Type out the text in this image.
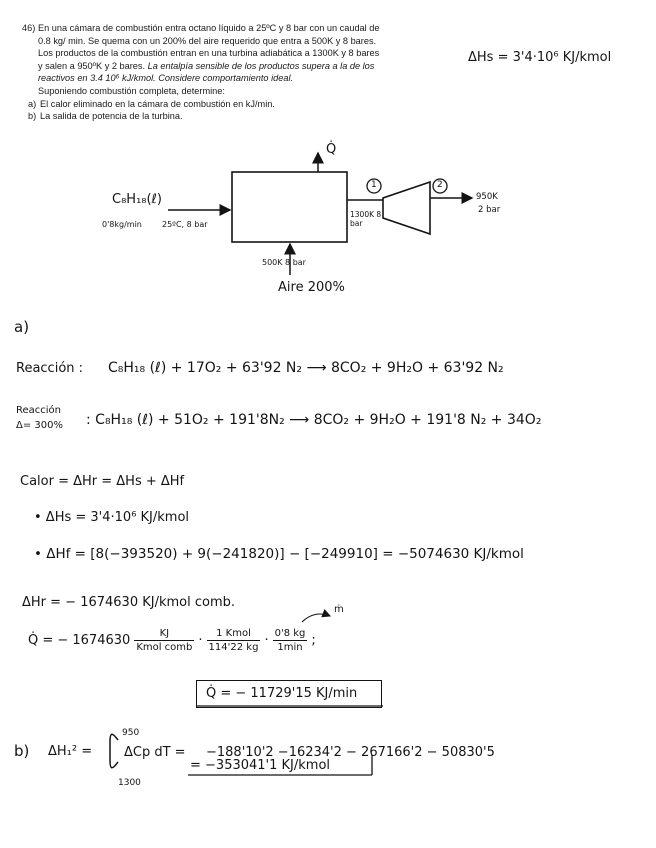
46) En una cámara de combustión entra octano líquido a 25ºC y 8 bar con un caudal de
0.8 kg/ min. Se quema con un 200% del aire requerido que entra a 500K y 8 bares.
Los productos de la combustión entran en una turbina adiabática a 1300K y 8 bares
y salen a 950ºK y 2 bares. La entalpía sensible de los productos supera a la de los
reactivos en 3.4 10⁶ kJ/kmol. Considere comportamiento ideal.
Suponiendo combustión completa, determine:
a) El calor eliminado en la cámara de combustión en kJ/min.
b) La salida de potencia de la turbina.
ΔHs = 3'4·10⁶ KJ/kmol
Q̇
C₈H₁₈(ℓ)
0'8kg/min	25ºC, 8 bar
500K 8 bar
Aire 200%
1	2
1300K 8 bar
950K
2 bar
a)
Reacción : C₈H₁₈ (ℓ) + 17O₂ + 63'92 N₂ ⟶ 8CO₂ + 9H₂O + 63'92 N₂
Reacción
Δ= 300% : C₈H₁₈ (ℓ) + 51O₂ + 191'8N₂ ⟶ 8CO₂ + 9H₂O + 191'8 N₂ + 34O₂
Calor = ΔHr = ΔHs + ΔHf
• ΔHs = 3'4·10⁶ KJ/kmol
• ΔHf = [8(−393520) + 9(−241820)] − [−249910] = −5074630 KJ/kmol
ΔHr = − 1674630 KJ/kmol comb.
Q̇ = − $1674630 \frac{KJ}{\text{Kmol comb}} \cdot \frac{\text{1 Kmol}}{114'22 kg} \cdot \frac{0'8 kg}{1\min}$ ;
ṁ
Q̇ = − 11729'15 KJ/min
b) ΔH₁² =
950
1300
ΔCp dT = −188'10'2 −16234'2 − 267166'2 − 50830'5
= −353041'1 KJ/kmol
